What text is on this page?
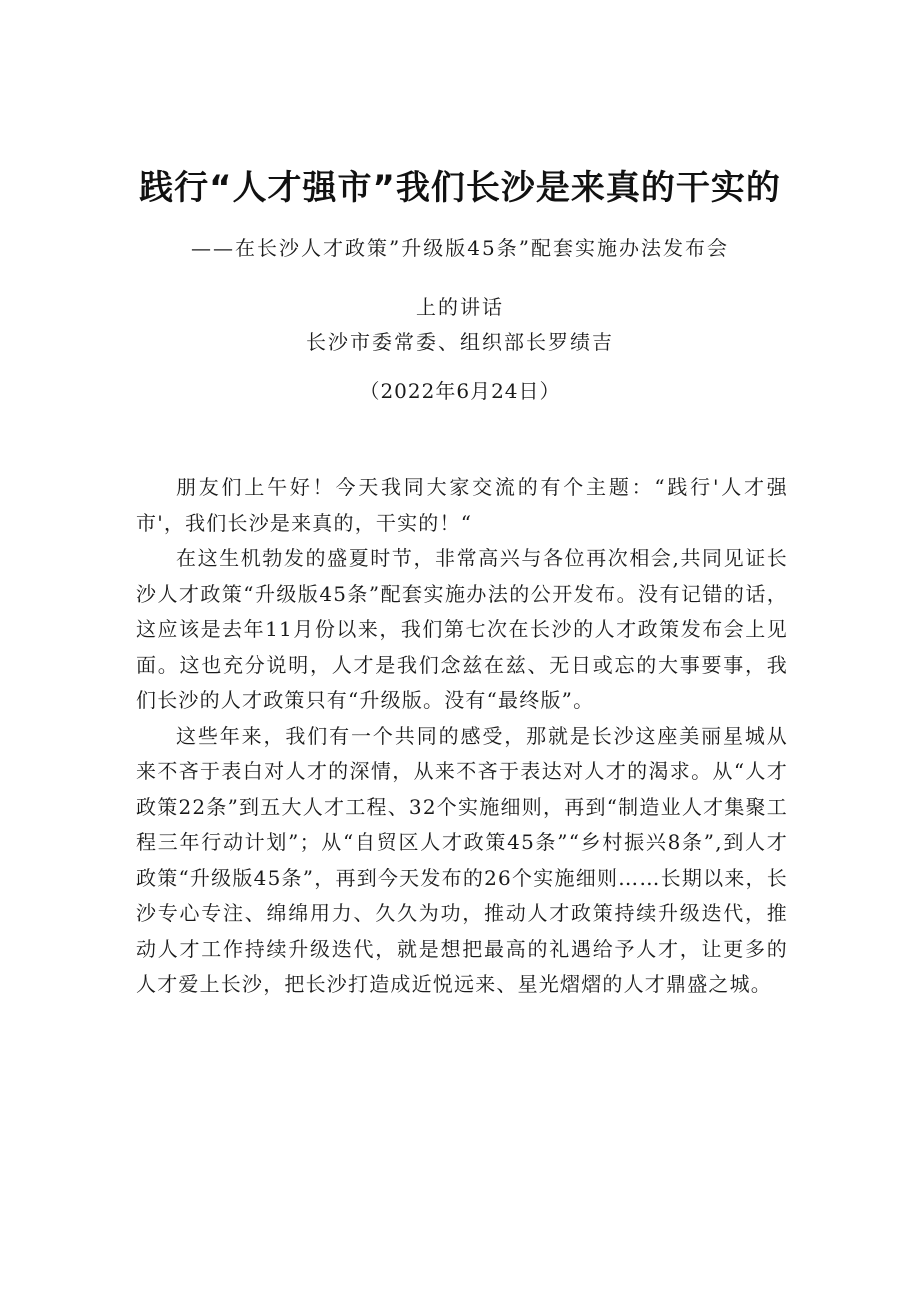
践行“人才强市”我们长沙是来真的干实的
——在长沙人才政策”升级版45条”配套实施办法发布会
上的讲话
长沙市委常委、组织部长罗绩吉
（2022年6月24日）

朋友们上午好！今天我同大家交流的有个主题：“践行'人才强 市'，我们长沙是来真的，干实的！“

在这生机勃发的盛夏时节，非常高兴与各位再次相会,共同见证长沙人才政策“升级版45条”配套实施办法的公开发布。没有记错的话，这应该是去年11月份以来，我们第七次在长沙的人才政策发布会上见面。这也充分说明，人才是我们念兹在兹、无日或忘的大事要事，我们长沙的人才政策只有“升级版。没有“最终版”。

这些年来，我们有一个共同的感受，那就是长沙这座美丽星城从来不吝于表白对人才的深情，从来不吝于表达对人才的渴求。从“人才政策22条”到五大人才工程、32个实施细则，再到“制造业人才集聚工程三年行动计划”；从“自贸区人才政策45条”“乡村振兴8条”,到人才政策“升级版45条”，再到今天发布的26个实施细则……长期以来，长沙专心专注、绵绵用力、久久为功，推动人才政策持续升级迭代，推动人才工作持续升级迭代，就是想把最高的礼遇给予人才，让更多的人才爱上长沙，把长沙打造成近悦远来、星光熠熠的人才鼎盛之城。
